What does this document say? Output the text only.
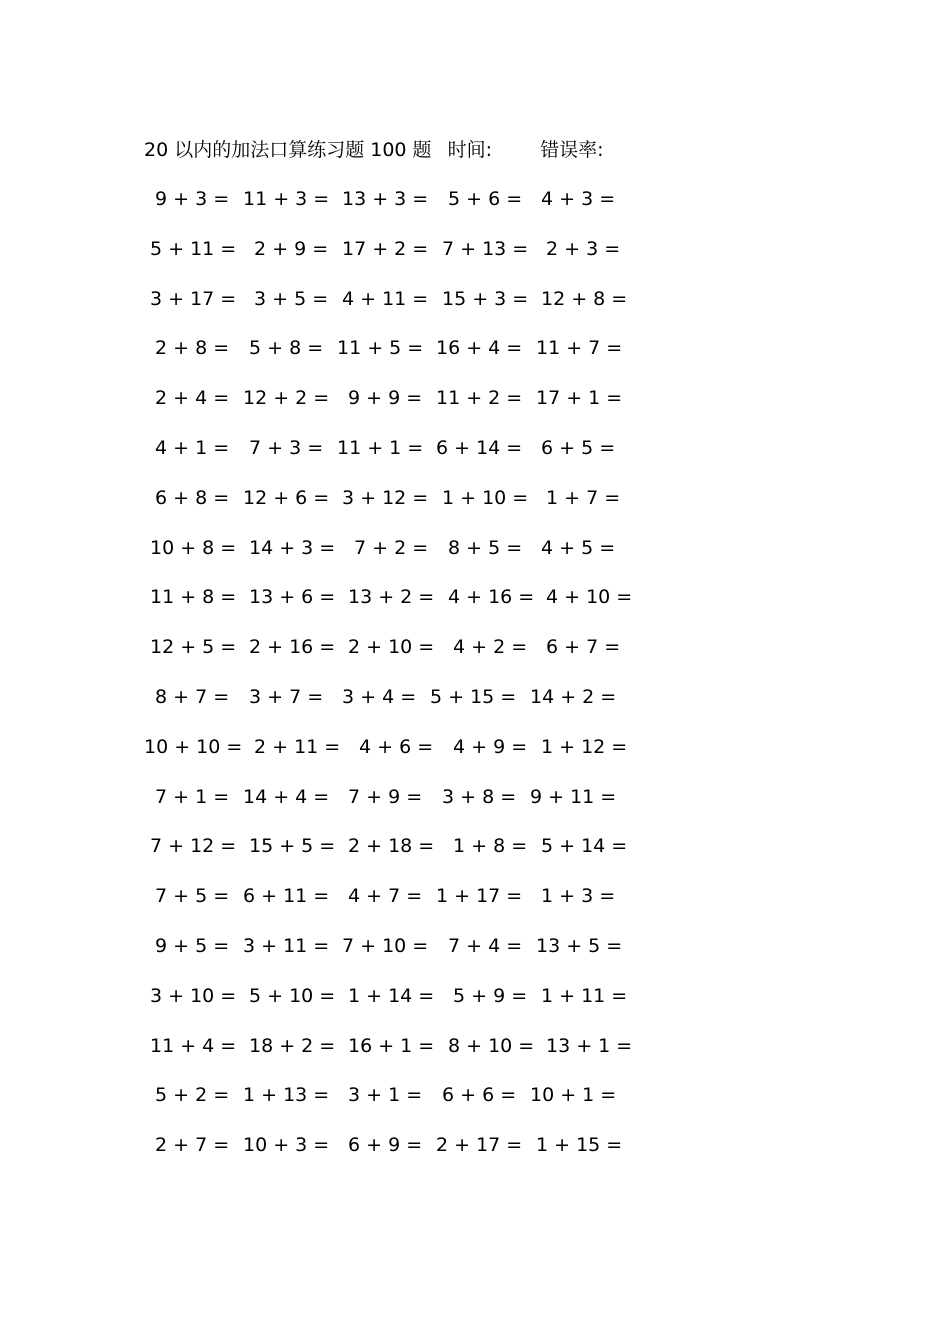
20 以内的加法口算练习题 100 题 时间:	错误率:
9 + 3 = 11 + 3 = 13 + 3 = 5 + 6 = 4 + 3 =
5 + 11 = 2 + 9 = 17 + 2 = 7 + 13 = 2 + 3 =
3 + 17 = 3 + 5 = 4 + 11 = 15 + 3 = 12 + 8 =
2 + 8 = 5 + 8 = 11 + 5 = 16 + 4 = 11 + 7 =
2 + 4 = 12 + 2 = 9 + 9 = 11 + 2 = 17 + 1 =
4 + 1 = 7 + 3 = 11 + 1 = 6 + 14 = 6 + 5 =
6 + 8 = 12 + 6 = 3 + 12 = 1 + 10 = 1 + 7 =
10 + 8 = 14 + 3 = 7 + 2 = 8 + 5 = 4 + 5 =
11 + 8 = 13 + 6 = 13 + 2 = 4 + 16 = 4 + 10 =
12 + 5 = 2 + 16 = 2 + 10 = 4 + 2 = 6 + 7 =
8 + 7 = 3 + 7 = 3 + 4 = 5 + 15 = 14 + 2 =
10 + 10 = 2 + 11 = 4 + 6 = 4 + 9 = 1 + 12 =
7 + 1 = 14 + 4 = 7 + 9 = 3 + 8 = 9 + 11 =
7 + 12 = 15 + 5 = 2 + 18 = 1 + 8 = 5 + 14 =
7 + 5 = 6 + 11 = 4 + 7 = 1 + 17 = 1 + 3 =
9 + 5 = 3 + 11 = 7 + 10 = 7 + 4 = 13 + 5 =
3 + 10 = 5 + 10 = 1 + 14 = 5 + 9 = 1 + 11 =
11 + 4 = 18 + 2 = 16 + 1 = 8 + 10 = 13 + 1 =
5 + 2 = 1 + 13 = 3 + 1 = 6 + 6 = 10 + 1 =
2 + 7 = 10 + 3 = 6 + 9 = 2 + 17 = 1 + 15 =
